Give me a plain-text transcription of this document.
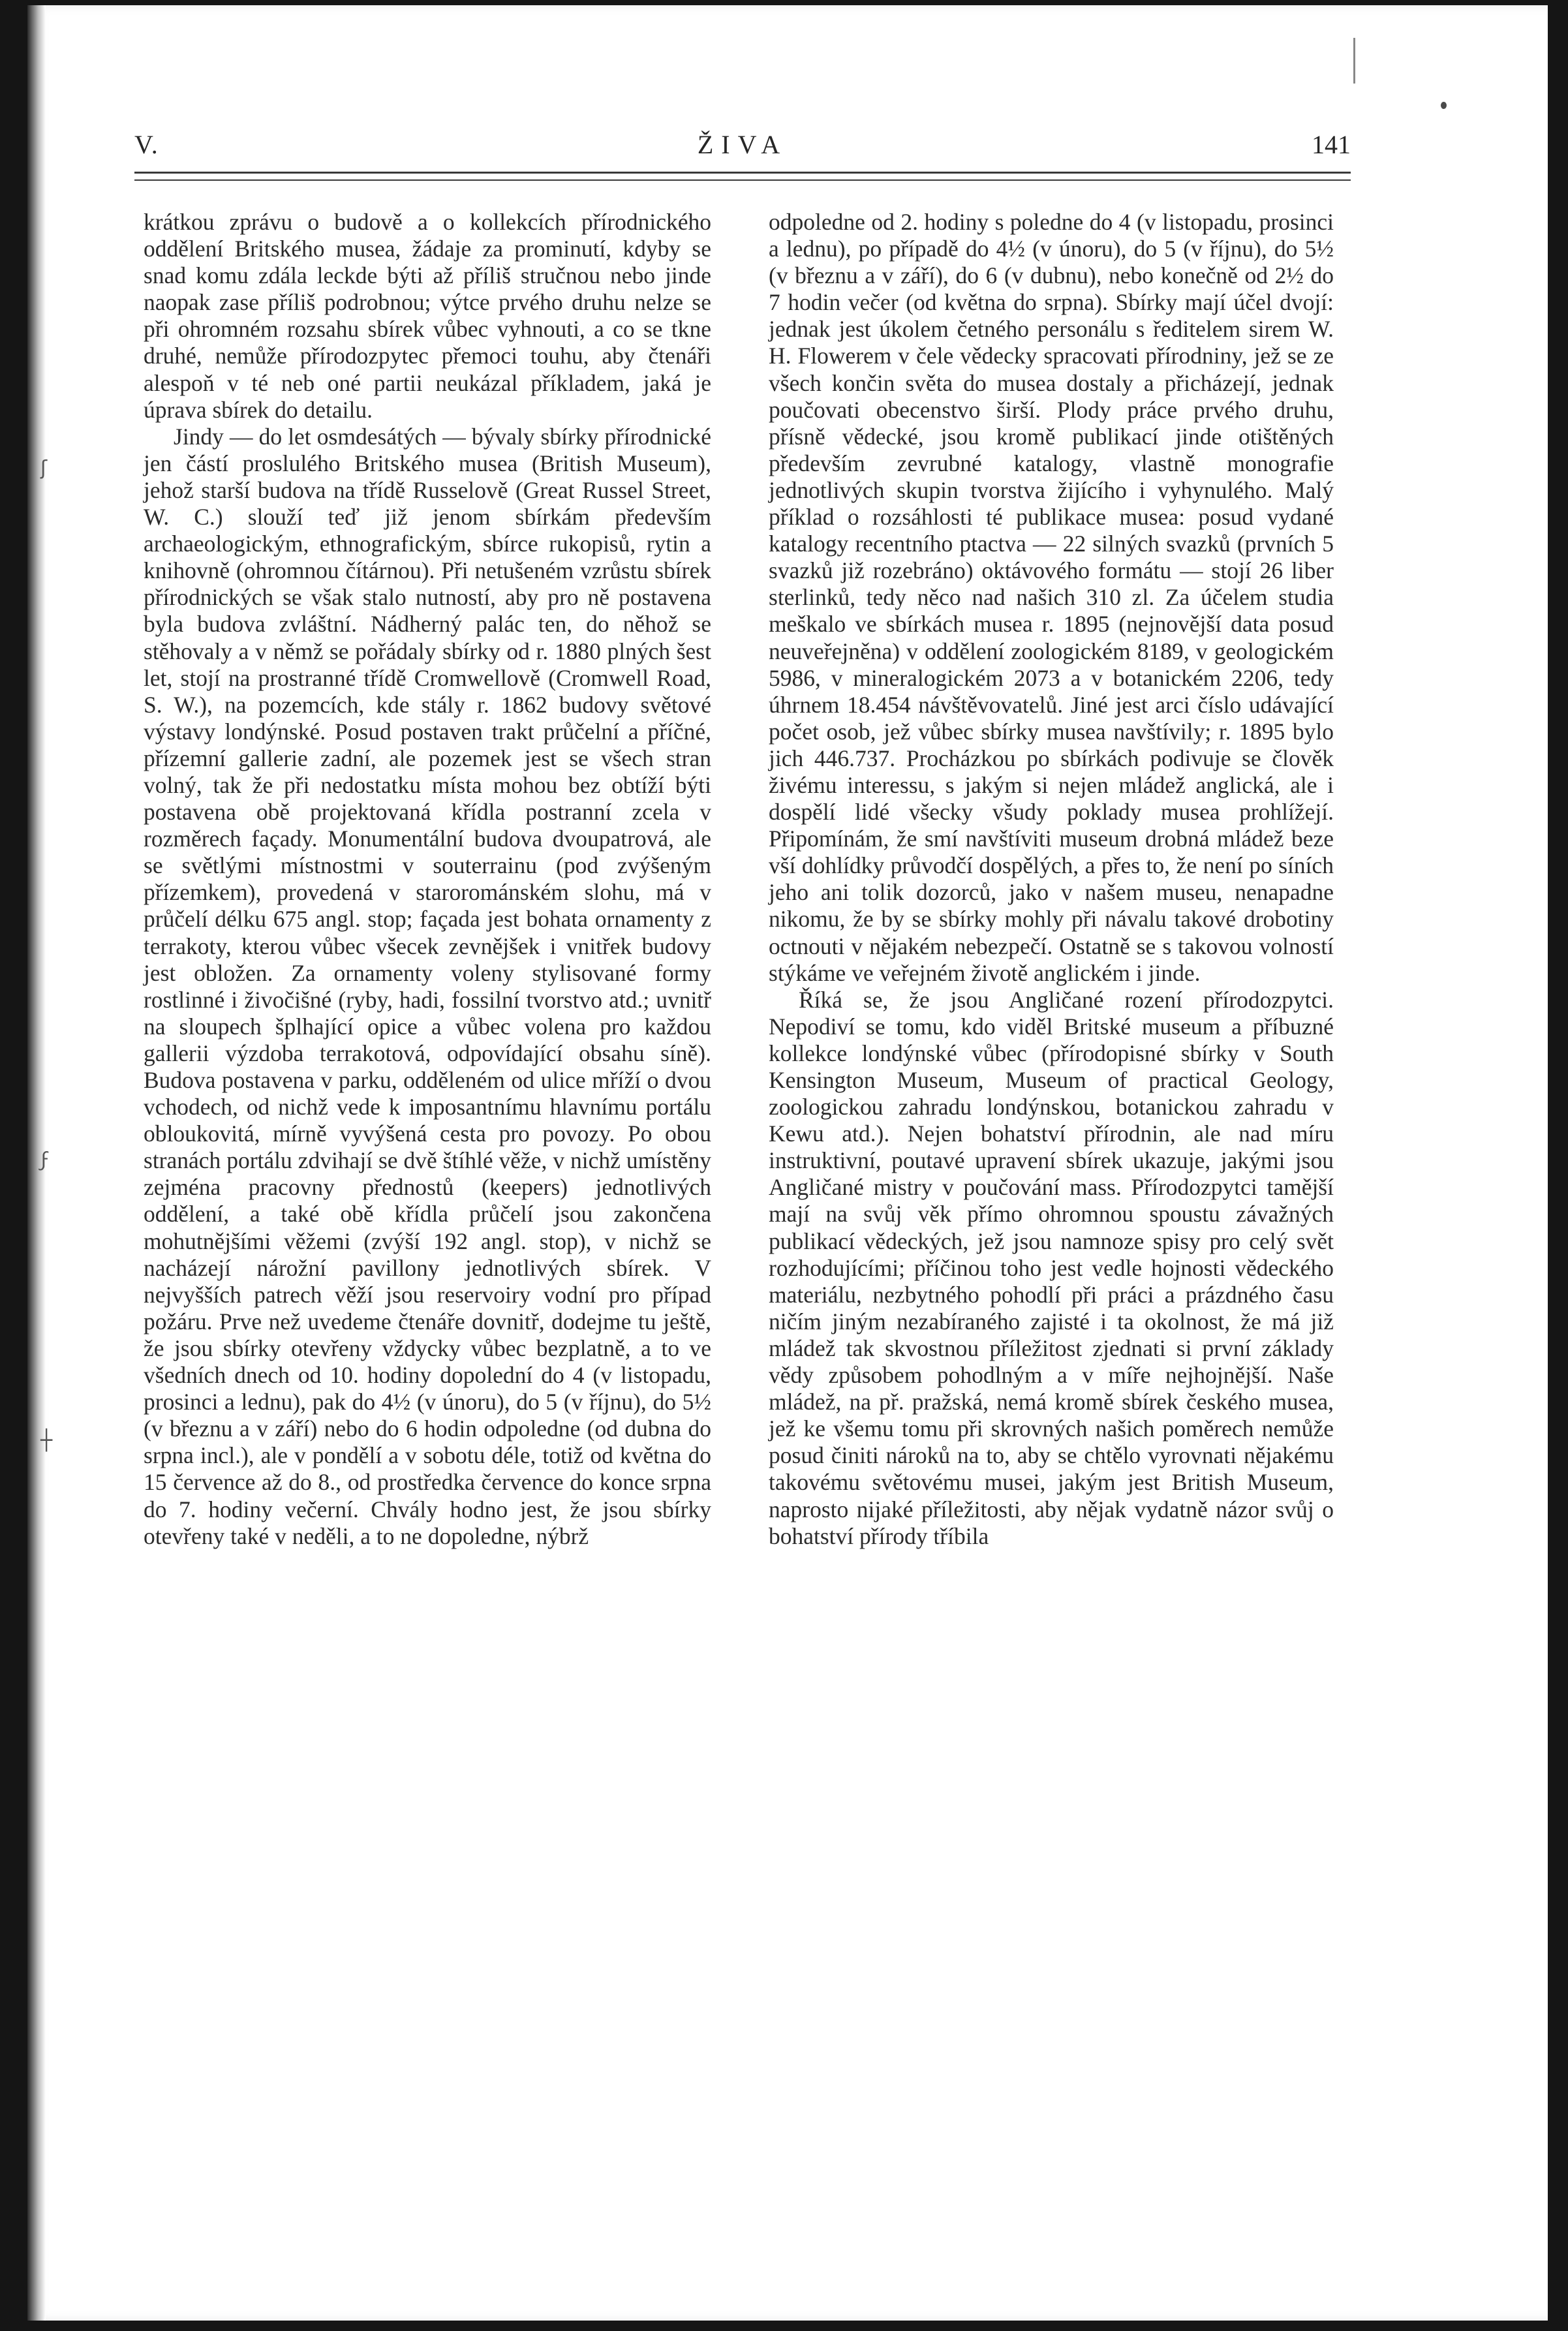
ʃ
ϝ
┼
V.	ŽIVA	141

krátkou zprávu o budově a o kollekcích přírodnického oddělení Britského musea, žádaje za prominutí, kdyby se snad komu zdála leckde býti až příliš stručnou nebo jinde naopak zase příliš podrobnou; výtce prvého druhu nelze se při ohromném rozsahu sbírek vůbec vyhnouti, a co se tkne druhé, nemůže přírodozpytec přemoci touhu, aby čtenáři alespoň v té neb oné partii neukázal příkladem, jaká je úprava sbírek do detailu.

Jindy — do let osmdesátých — bývaly sbírky přírodnické jen částí proslulého Britského musea (British Museum), jehož starší budova na třídě Russelově (Great Russel Street, W. C.) slouží teď již jenom sbírkám především archaeologickým, ethnografickým, sbírce rukopisů, rytin a knihovně (ohromnou čítárnou). Při netušeném vzrůstu sbírek přírodnických se však stalo nutností, aby pro ně postavena byla budova zvláštní. Nádherný palác ten, do něhož se stěhovaly a v němž se pořádaly sbírky od r. 1880 plných šest let, stojí na prostranné třídě Cromwellově (Cromwell Road, S. W.), na pozemcích, kde stály r. 1862 budovy světové výstavy londýnské. Posud postaven trakt průčelní a příčné, přízemní gallerie zadní, ale pozemek jest se všech stran volný, tak že při nedostatku místa mohou bez obtíží býti postavena obě projektovaná křídla postranní zcela v rozměrech façady. Monumentální budova dvoupatrová, ale se světlými místnostmi v souterrainu (pod zvýšeným přízemkem), provedená v starorománském slohu, má v průčelí délku 675 angl. stop; façada jest bohata ornamenty z terrakoty, kterou vůbec všecek zevnějšek i vnitřek budovy jest obložen. Za ornamenty voleny stylisované formy rostlinné i živočišné (ryby, hadi, fossilní tvorstvo atd.; uvnitř na sloupech šplhající opice a vůbec volena pro každou gallerii výzdoba terrakotová, odpovídající obsahu síně). Budova postavena v parku, odděleném od ulice mříží o dvou vchodech, od nichž vede k imposantnímu hlavnímu portálu obloukovitá, mírně vyvýšená cesta pro povozy. Po obou stranách portálu zdvihají se dvě štíhlé věže, v nichž umístěny zejména pracovny přednostů (keepers) jednotlivých oddělení, a také obě křídla průčelí jsou zakončena mohutnějšími věžemi (zvýší 192 angl. stop), v nichž se nacházejí nárožní pavillony jednotlivých sbírek. V nejvyšších patrech věží jsou reservoiry vodní pro případ požáru. Prve než uvedeme čtenáře dovnitř, dodejme tu ještě, že jsou sbírky otevřeny vždycky vůbec bezplatně, a to ve všedních dnech od 10. hodiny dopolední do 4 (v listopadu, prosinci a lednu), pak do 4½ (v únoru), do 5 (v říjnu), do 5½ (v březnu a v září) nebo do 6 hodin odpoledne (od dubna do srpna incl.), ale v pondělí a v sobotu déle, totiž od května do 15 července až do 8., od prostředka července do konce srpna do 7. hodiny večerní. Chvály hodno jest, že jsou sbírky otevřeny také v neděli, a to ne dopoledne, nýbrž

odpoledne od 2. hodiny s poledne do 4 (v listopadu, prosinci a lednu), po případě do 4½ (v únoru), do 5 (v říjnu), do 5½ (v březnu a v září), do 6 (v dubnu), nebo konečně od 2½ do 7 hodin večer (od května do srpna). Sbírky mají účel dvojí: jednak jest úkolem četného personálu s ředitelem sirem W. H. Flowerem v čele vědecky spracovati přírodniny, jež se ze všech končin světa do musea dostaly a přicházejí, jednak poučovati obecenstvo širší. Plody práce prvého druhu, přísně vědecké, jsou kromě publikací jinde otištěných především zevrubné katalogy, vlastně monografie jednotlivých skupin tvorstva žijícího i vyhynulého. Malý příklad o rozsáhlosti té publikace musea: posud vydané katalogy recentního ptactva — 22 silných svazků (prvních 5 svazků již rozebráno) oktávového formátu — stojí 26 liber sterlinků, tedy něco nad našich 310 zl. Za účelem studia meškalo ve sbírkách musea r. 1895 (nejnovější data posud neuveřejněna) v oddělení zoologickém 8189, v geologickém 5986, v mineralogickém 2073 a v botanickém 2206, tedy úhrnem 18.454 návštěvovatelů. Jiné jest arci číslo udávající počet osob, jež vůbec sbírky musea navštívily; r. 1895 bylo jich 446.737. Procházkou po sbírkách podivuje se člověk živému interessu, s jakým si nejen mládež anglická, ale i dospělí lidé všecky všudy poklady musea prohlížejí. Připomínám, že smí navštíviti museum drobná mládež beze vší dohlídky průvodčí dospělých, a přes to, že není po síních jeho ani tolik dozorců, jako v našem museu, nenapadne nikomu, že by se sbírky mohly při návalu takové drobotiny octnouti v nějakém nebezpečí. Ostatně se s takovou volností stýkáme ve veřejném životě anglickém i jinde.

Říká se, že jsou Angličané rození přírodozpytci. Nepodiví se tomu, kdo viděl Britské museum a příbuzné kollekce londýnské vůbec (přírodopisné sbírky v South Kensington Museum, Museum of practical Geology, zoologickou zahradu londýnskou, botanickou zahradu v Kewu atd.). Nejen bohatství přírodnin, ale nad míru instruktivní, poutavé upravení sbírek ukazuje, jakými jsou Angličané mistry v poučování mass. Přírodozpytci tamější mají na svůj věk přímo ohromnou spoustu závažných publikací vědeckých, jež jsou namnoze spisy pro celý svět rozhodujícími; příčinou toho jest vedle hojnosti vědeckého materiálu, nezbytného pohodlí při práci a prázdného času ničím jiným nezabíraného zajisté i ta okolnost, že má již mládež tak skvostnou příležitost zjednati si první základy vědy způsobem pohodlným a v míře nejhojnější. Naše mládež, na př. pražská, nemá kromě sbírek českého musea, jež ke všemu tomu při skrovných našich poměrech nemůže posud činiti nároků na to, aby se chtělo vyrovnati nějakému takovému světovému musei, jakým jest British Museum, naprosto nijaké příležitosti, aby nějak vydatně názor svůj o bohatství přírody tříbila
